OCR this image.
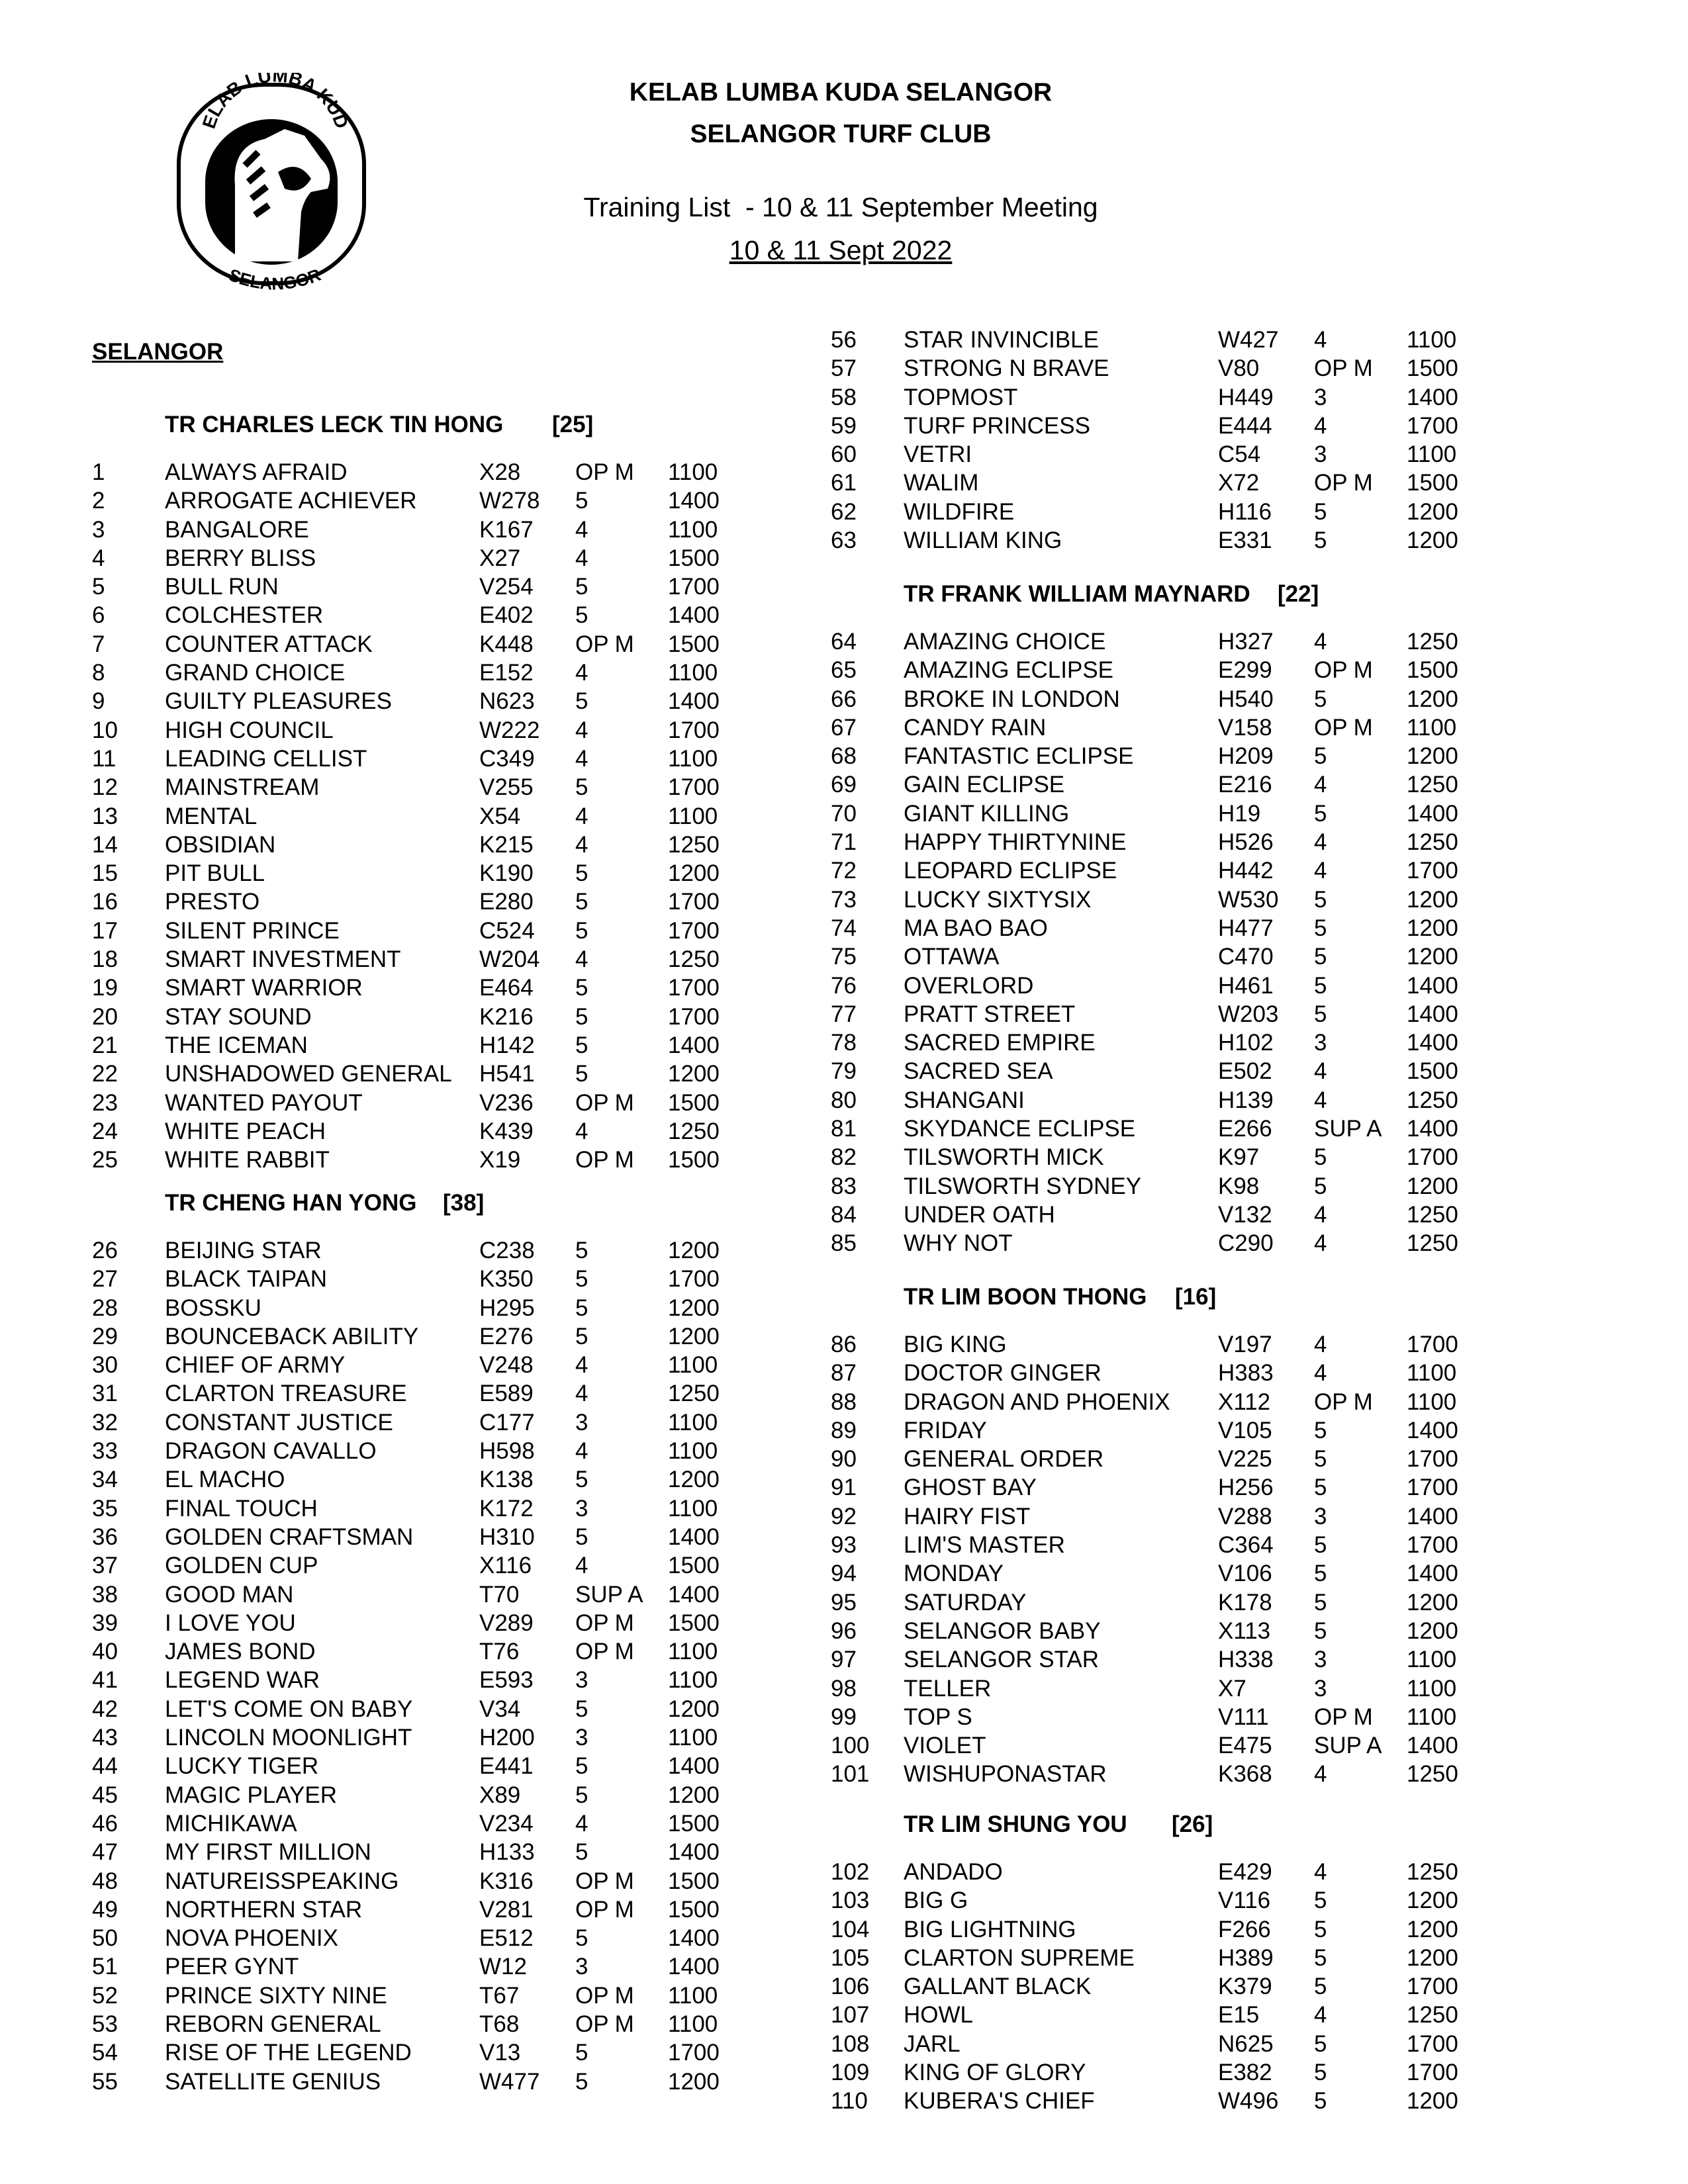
ELAB LUMBA KUD
SELANGOR
KELAB LUMBA KUDA SELANGOR
SELANGOR TURF CLUB
Training List  - 10 & 11 September Meeting
10 & 11 Sept 2022
SELANGOR
TR CHARLES LECK TIN HONG [25]
1	ALWAYS AFRAID	X28 OP M 1100
2	ARROGATE ACHIEVER	W278 5	1400
3	BANGALORE	K167 4	1100
4	BERRY BLISS	X27 4	1500
5	BULL RUN	V254 5	1700
6	COLCHESTER	E402 5	1400
7	COUNTER ATTACK	K448 OP M 1500
8	GRAND CHOICE	E152 4	1100
9	GUILTY PLEASURES	N623 5	1400
10 HIGH COUNCIL	W222 4	1700
11 LEADING CELLIST	C349 4	1100
12 MAINSTREAM	V255 5	1700
13 MENTAL	X54 4	1100
14 OBSIDIAN	K215 4	1250
15 PIT BULL	K190 5	1200
16 PRESTO	E280 5	1700
17 SILENT PRINCE	C524 5	1700
18 SMART INVESTMENT	W204 4	1250
19 SMART WARRIOR	E464 5	1700
20 STAY SOUND	K216 5	1700
21 THE ICEMAN	H142 5	1400
22 UNSHADOWED GENERAL H541 5	1200
23 WANTED PAYOUT	V236 OP M 1500
24 WHITE PEACH	K439 4	1250
25 WHITE RABBIT	X19 OP M 1500
TR CHENG HAN YONG [38]
26 BEIJING STAR	C238 5	1200
27 BLACK TAIPAN	K350 5	1700
28 BOSSKU	H295 5	1200
29 BOUNCEBACK ABILITY	E276 5	1200
30 CHIEF OF ARMY	V248 4	1100
31 CLARTON TREASURE	E589 4	1250
32 CONSTANT JUSTICE	C177 3	1100
33 DRAGON CAVALLO	H598 4	1100
34 EL MACHO	K138 5	1200
35 FINAL TOUCH	K172 3	1100
36 GOLDEN CRAFTSMAN	H310 5	1400
37 GOLDEN CUP	X116 4	1500
38 GOOD MAN	T70 SUP A 1400
39 I LOVE YOU	V289 OP M 1500
40 JAMES BOND	T76 OP M 1100
41 LEGEND WAR	E593 3	1100
42 LET'S COME ON BABY	V34 5	1200
43 LINCOLN MOONLIGHT	H200 3	1100
44 LUCKY TIGER	E441 5	1400
45 MAGIC PLAYER	X89 5	1200
46 MICHIKAWA	V234 4	1500
47 MY FIRST MILLION	H133 5	1400
48 NATUREISSPEAKING	K316 OP M 1500
49 NORTHERN STAR	V281 OP M 1500
50 NOVA PHOENIX	E512 5	1400
51 PEER GYNT	W12 3	1400
52 PRINCE SIXTY NINE	T67 OP M 1100
53 REBORN GENERAL	T68 OP M 1100
54 RISE OF THE LEGEND	V13 5	1700
55 SATELLITE GENIUS	W477 5	1200
56 STAR INVINCIBLE	W427 4	1100
57 STRONG N BRAVE	V80 OP M 1500
58 TOPMOST	H449 3	1400
59 TURF PRINCESS	E444 4	1700
60 VETRI	C54 3	1100
61 WALIM	X72 OP M 1500
62 WILDFIRE	H116 5	1200
63 WILLIAM KING	E331 5	1200
TR FRANK WILLIAM MAYNARD [22]
64 AMAZING CHOICE	H327 4	1250
65 AMAZING ECLIPSE	E299 OP M 1500
66 BROKE IN LONDON	H540 5	1200
67 CANDY RAIN	V158 OP M 1100
68 FANTASTIC ECLIPSE	H209 5	1200
69 GAIN ECLIPSE	E216 4	1250
70 GIANT KILLING	H19 5	1400
71 HAPPY THIRTYNINE	H526 4	1250
72 LEOPARD ECLIPSE	H442 4	1700
73 LUCKY SIXTYSIX	W530 5	1200
74 MA BAO BAO	H477 5	1200
75 OTTAWA	C470 5	1200
76 OVERLORD	H461 5	1400
77 PRATT STREET	W203 5	1400
78 SACRED EMPIRE	H102 3	1400
79 SACRED SEA	E502 4	1500
80 SHANGANI	H139 4	1250
81 SKYDANCE ECLIPSE	E266 SUP A 1400
82 TILSWORTH MICK	K97 5	1700
83 TILSWORTH SYDNEY	K98 5	1200
84 UNDER OATH	V132 4	1250
85 WHY NOT	C290 4	1250
TR LIM BOON THONG [16]
86 BIG KING	V197 4	1700
87 DOCTOR GINGER	H383 4	1100
88 DRAGON AND PHOENIX X112 OP M 1100
89 FRIDAY	V105 5	1400
90 GENERAL ORDER	V225 5	1700
91 GHOST BAY	H256 5	1700
92 HAIRY FIST	V288 3	1400
93 LIM'S MASTER	C364 5	1700
94 MONDAY	V106 5	1400
95 SATURDAY	K178 5	1200
96 SELANGOR BABY	X113 5	1200
97 SELANGOR STAR	H338 3	1100
98 TELLER	X7	3	1100
99 TOP S	V111 OP M 1100
100 VIOLET	E475 SUP A 1400
101 WISHUPONASTAR	K368 4	1250
TR LIM SHUNG YOU [26]
102 ANDADO	E429 4	1250
103 BIG G	V116 5	1200
104 BIG LIGHTNING	F266 5	1200
105 CLARTON SUPREME	H389 5	1200
106 GALLANT BLACK	K379 5	1700
107 HOWL	E15 4	1250
108 JARL	N625 5	1700
109 KING OF GLORY	E382 5	1700
110 KUBERA'S CHIEF	W496 5	1200
